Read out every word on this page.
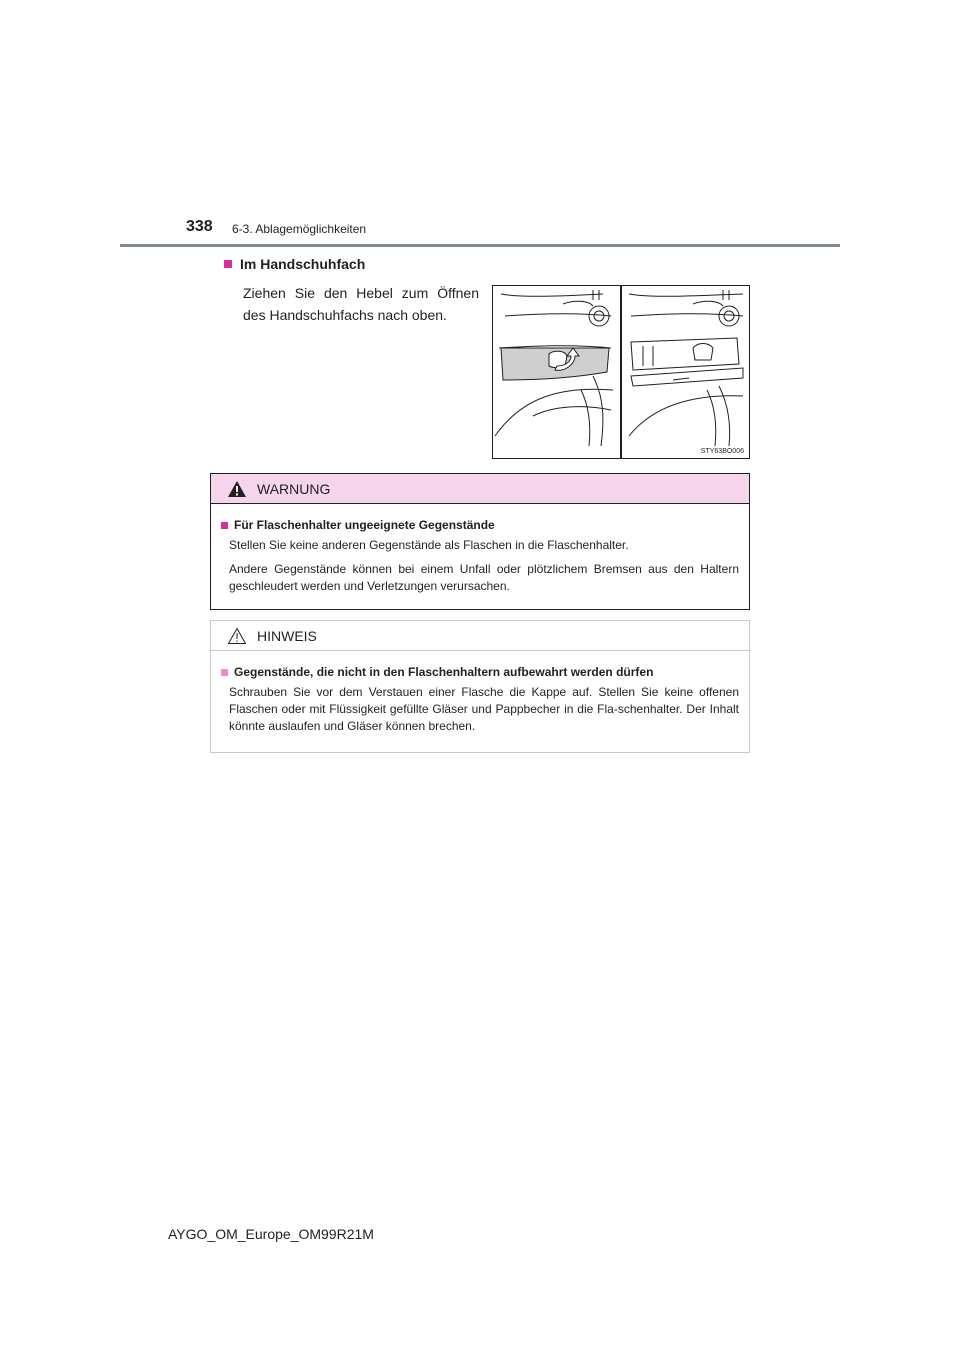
338 6-3. Ablagemöglichkeiten
Im Handschuhfach
Ziehen Sie den Hebel zum Öffnen des Handschuhfachs nach oben.
STY63BO006
WARNUNG
Für Flaschenhalter ungeeignete Gegenstände
Stellen Sie keine anderen Gegenstände als Flaschen in die Flaschenhalter.
Andere Gegenstände können bei einem Unfall oder plötzlichem Bremsen aus den Haltern geschleudert werden und Verletzungen verursachen.
HINWEIS
Gegenstände, die nicht in den Flaschenhaltern aufbewahrt werden dürfen
Schrauben Sie vor dem Verstauen einer Flasche die Kappe auf. Stellen Sie keine offenen Flaschen oder mit Flüssigkeit gefüllte Gläser und Pappbecher in die Fla-schenhalter. Der Inhalt könnte auslaufen und Gläser können brechen.
AYGO_OM_Europe_OM99R21M
